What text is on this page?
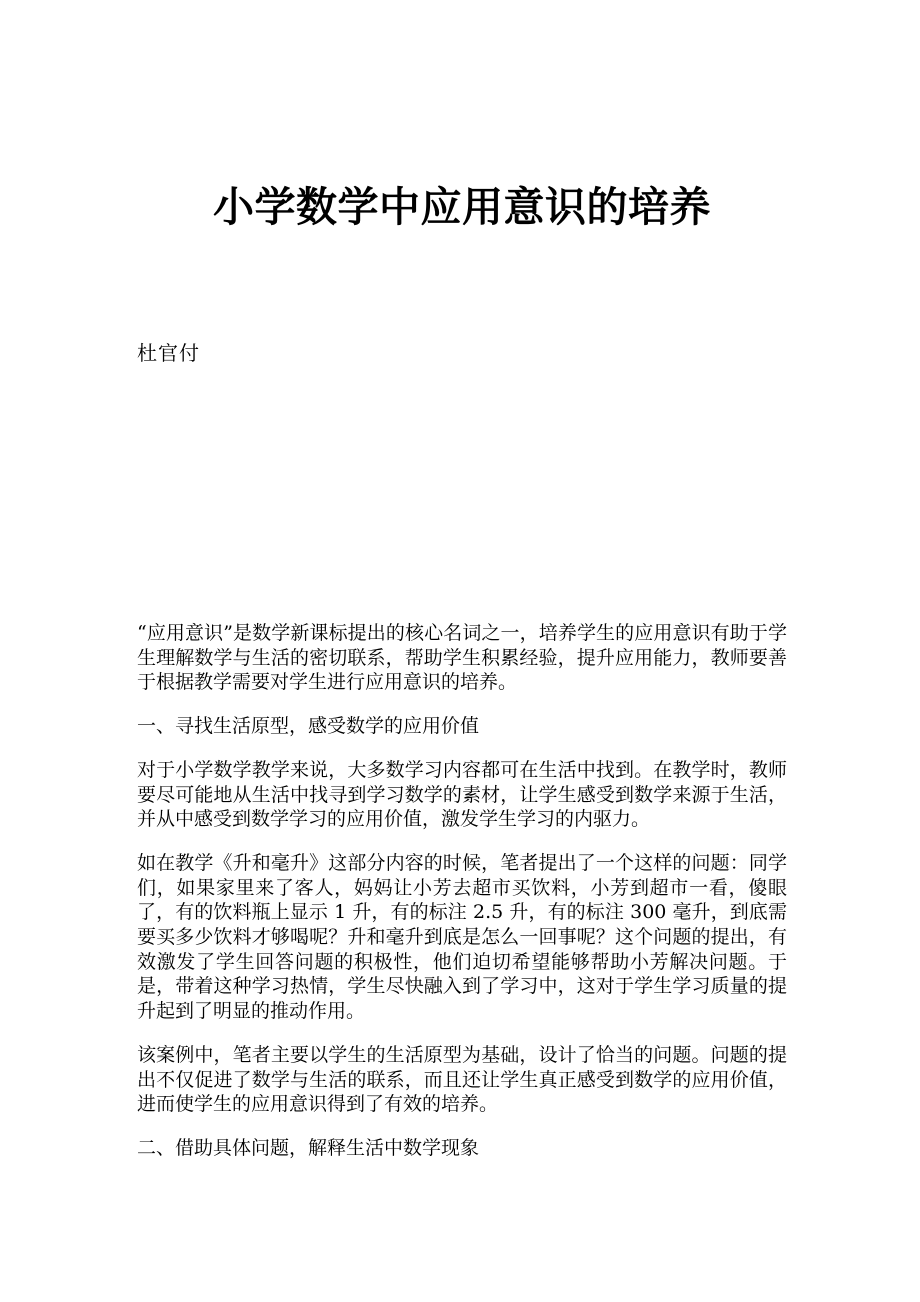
小学数学中应用意识的培养

杜官付

“应用意识”是数学新课标提出的核心名词之一，培养学生的应用意识有助于学生理解数学与生活的密切联系，帮助学生积累经验，提升应用能力，教师要善于根据教学需要对学生进行应用意识的培养。

一、寻找生活原型，感受数学的应用价值

对于小学数学教学来说，大多数学习内容都可在生活中找到。在教学时，教师要尽可能地从生活中找寻到学习数学的素材，让学生感受到数学来源于生活，并从中感受到数学学习的应用价值，激发学生学习的内驱力。

如在教学《升和毫升》这部分内容的时候，笔者提出了一个这样的问题：同学们，如果家里来了客人，妈妈让小芳去超市买饮料，小芳到超市一看，傻眼了，有的饮料瓶上显示 1 升，有的标注 2.5 升，有的标注 300 毫升，到底需要买多少饮料才够喝呢？升和毫升到底是怎么一回事呢？这个问题的提出，有效激发了学生回答问题的积极性，他们迫切希望能够帮助小芳解决问题。于是，带着这种学习热情，学生尽快融入到了学习中，这对于学生学习质量的提升起到了明显的推动作用。

该案例中，笔者主要以学生的生活原型为基础，设计了恰当的问题。问题的提出不仅促进了数学与生活的联系，而且还让学生真正感受到数学的应用价值，进而使学生的应用意识得到了有效的培养。

二、借助具体问题，解释生活中数学现象
